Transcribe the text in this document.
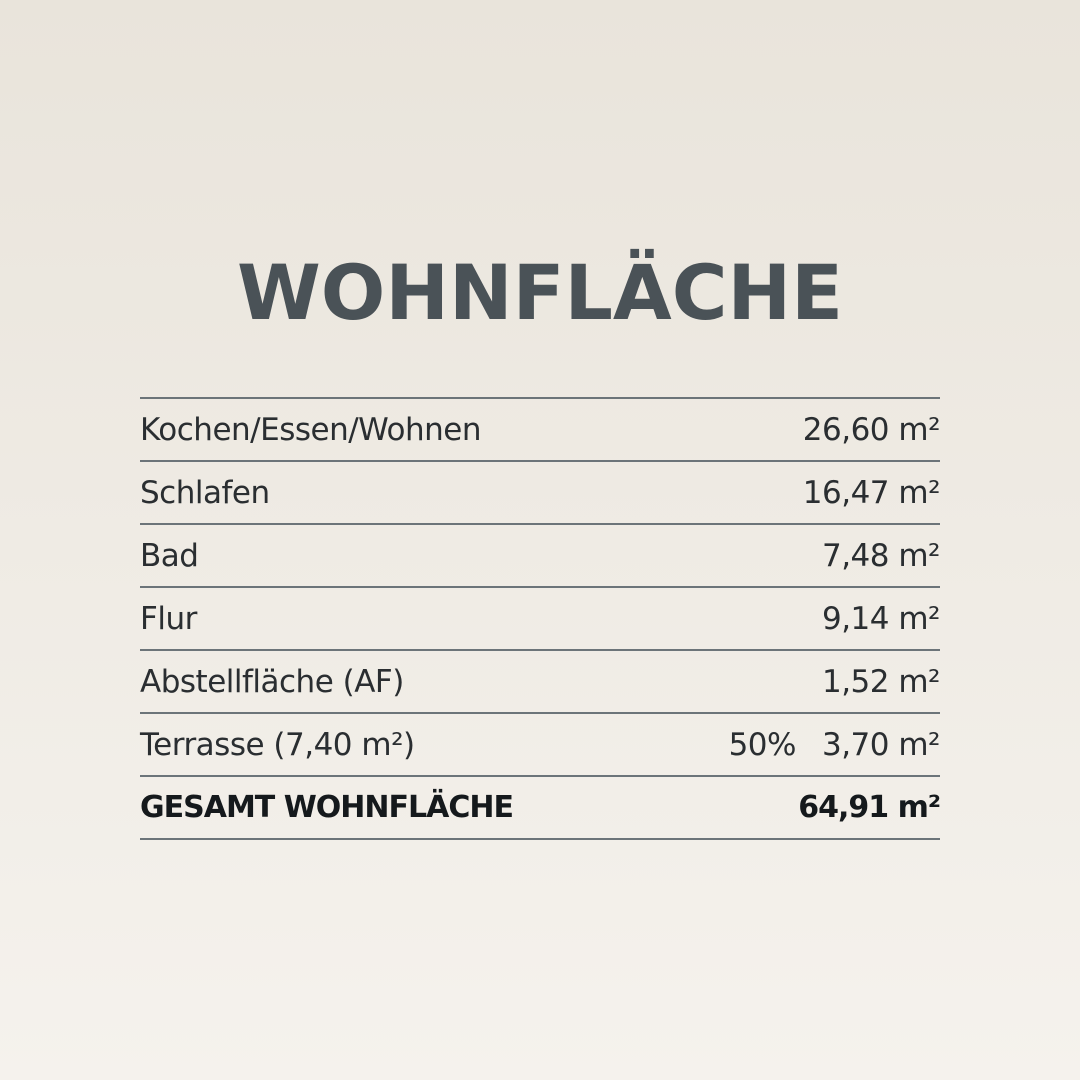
WOHNFLÄCHE
Kochen/Essen/Wohnen	26,60 m²
Schlafen	16,47 m²
Bad	7,48 m²
Flur	9,14 m²
Abstellfläche (AF)	1,52 m²
Terrasse (7,40 m²)	50% 3,70 m²
GESAMT WOHNFLÄCHE	64,91 m²
